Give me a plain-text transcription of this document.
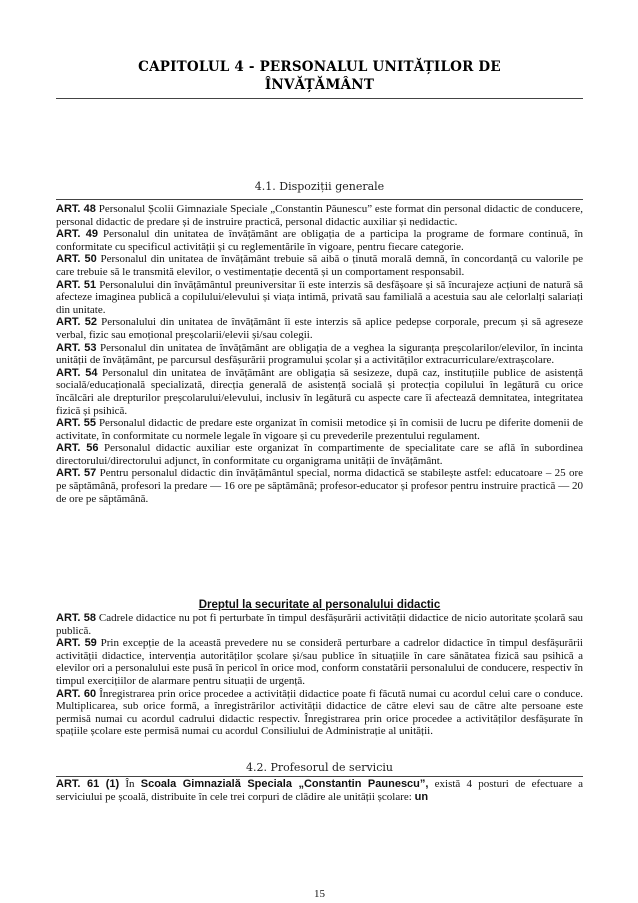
CAPITOLUL 4 - PERSONALUL UNITĂȚILOR DE
ÎNVĂȚĂMÂNT
4.1. Dispoziții generale

ART. 48 Personalul Școlii Gimnaziale Speciale „Constantin Păunescu” este format din personal didactic de conducere, personal didactic de predare și de instruire practică, personal didactic auxiliar și nedidactic.

ART. 49 Personalul din unitatea de învățământ are obligația de a participa la programe de formare continuă, în conformitate cu specificul activității și cu reglementările în vigoare, pentru fiecare categorie.

ART. 50 Personalul din unitatea de învățământ trebuie să aibă o ținută morală demnă, în concordanță cu valorile pe care trebuie să le transmită elevilor, o vestimentație decentă și un comportament responsabil.

ART. 51 Personalului din învățământul preuniversitar îi este interzis să desfășoare și să încurajeze acțiuni de natură să afecteze imaginea publică a copilului/elevului și viața intimă, privată sau familială a acestuia sau ale celorlalți salariați din unitate.

ART. 52 Personalului din unitatea de învățământ îi este interzis să aplice pedepse corporale, precum și să agreseze verbal, fizic sau emoțional preșcolarii/elevii și/sau colegii.

ART. 53 Personalul din unitatea de învățământ are obligația de a veghea la siguranța preșcolarilor/elevilor, în incinta unității de învățământ, pe parcursul desfășurării programului școlar și a activităților extracurriculare/extrașcolare.

ART. 54 Personalul din unitatea de învățământ are obligația să sesizeze, după caz, instituțiile publice de asistență socială/educațională specializată, direcția generală de asistență socială și protecția copilului în legătură cu orice încălcări ale drepturilor preșcolarului/elevului, inclusiv în legătură cu aspecte care îi afectează demnitatea, integritatea fizică și psihică.

ART. 55 Personalul didactic de predare este organizat în comisii metodice și în comisii de lucru pe diferite domenii de activitate, în conformitate cu normele legale în vigoare și cu prevederile prezentului regulament.

ART. 56 Personalul didactic auxiliar este organizat în compartimente de specialitate care se află în subordinea directorului/directorului adjunct, în conformitate cu organigrama unității de învățământ.

ART. 57 Pentru personalul didactic din învățământul special, norma didactică se stabilește astfel: educatoare – 25 ore pe săptămână, profesori la predare — 16 ore pe săptămână; profesor-educator și profesor pentru instruire practică — 20 de ore pe săptămână.

Dreptul la securitate al personalului didactic

ART. 58 Cadrele didactice nu pot fi perturbate în timpul desfășurării activității didactice de nicio autoritate școlară sau publică.

ART. 59 Prin excepție de la această prevedere nu se consideră perturbare a cadrelor didactice în timpul desfășurării activității didactice, intervenția autorităților școlare și/sau publice în situațiile în care sănătatea fizică sau psihică a elevilor ori a personalului este pusă în pericol în orice mod, conform constatării personalului de conducere, respectiv în timpul exercițiilor de alarmare pentru situații de urgență.

ART. 60 Înregistrarea prin orice procedee a activității didactice poate fi făcută numai cu acordul celui care o conduce. Multiplicarea, sub orice formă, a înregistrărilor activității didactice de către elevi sau de către alte persoane este permisă numai cu acordul cadrului didactic respectiv. Înregistrarea prin orice procedee a activităților desfășurate în spațiile școlare este permisă numai cu acordul Consiliului de Administrație al unității.

4.2. Profesorul de serviciu

ART. 61 (1) În Scoala Gimnazială Speciala „Constantin Paunescu”, există 4 posturi de efectuare a serviciului pe școală, distribuite în cele trei corpuri de clădire ale unității școlare: un

15
